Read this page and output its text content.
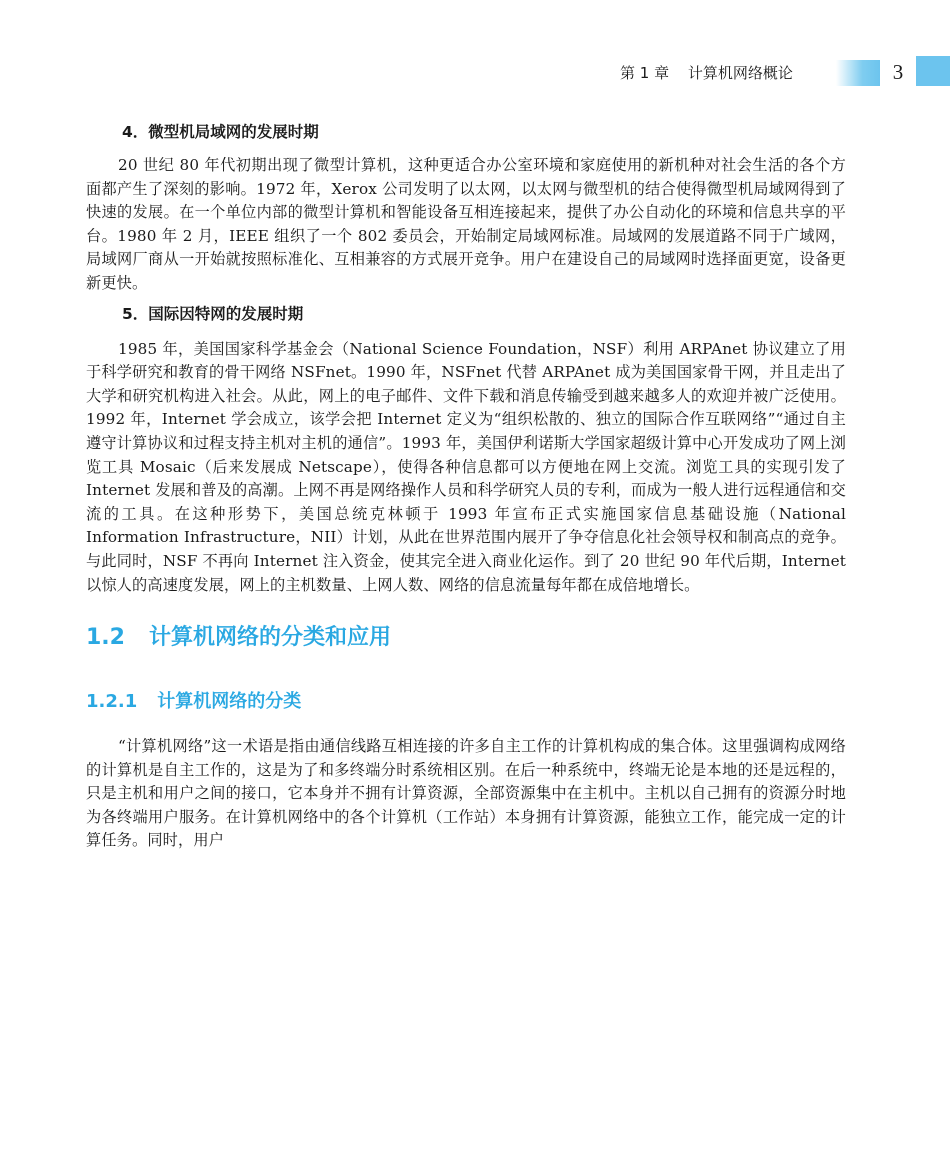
第 1 章 计算机网络概论	3
4．微型机局域网的发展时期

20 世纪 80 年代初期出现了微型计算机，这种更适合办公室环境和家庭使用的新机种对社会生活的各个方面都产生了深刻的影响。1972 年，Xerox 公司发明了以太网，以太网与微型机的结合使得微型机局域网得到了快速的发展。在一个单位内部的微型计算机和智能设备互相连接起来，提供了办公自动化的环境和信息共享的平台。1980 年 2 月，IEEE 组织了一个 802 委员会，开始制定局域网标准。局域网的发展道路不同于广域网，局域网厂商从一开始就按照标准化、互相兼容的方式展开竞争。用户在建设自己的局域网时选择面更宽，设备更新更快。

5．国际因特网的发展时期

1985 年，美国国家科学基金会（National Science Foundation，NSF）利用 ARPAnet 协议建立了用于科学研究和教育的骨干网络 NSFnet。1990 年，NSFnet 代替 ARPAnet 成为美国国家骨干网，并且走出了大学和研究机构进入社会。从此，网上的电子邮件、文件下载和消息传输受到越来越多人的欢迎并被广泛使用。1992 年，Internet 学会成立，该学会把 Internet 定义为“组织松散的、独立的国际合作互联网络”“通过自主遵守计算协议和过程支持主机对主机的通信”。1993 年，美国伊利诺斯大学国家超级计算中心开发成功了网上浏览工具 Mosaic（后来发展成 Netscape），使得各种信息都可以方便地在网上交流。浏览工具的实现引发了 Internet 发展和普及的高潮。上网不再是网络操作人员和科学研究人员的专利，而成为一般人进行远程通信和交流的工具。在这种形势下，美国总统克林顿于 1993 年宣布正式实施国家信息基础设施（National Information Infrastructure，NII）计划，从此在世界范围内展开了争夺信息化社会领导权和制高点的竞争。与此同时，NSF 不再向 Internet 注入资金，使其完全进入商业化运作。到了 20 世纪 90 年代后期，Internet 以惊人的高速度发展，网上的主机数量、上网人数、网络的信息流量每年都在成倍地增长。

1.2 计算机网络的分类和应用
1.2.1 计算机网络的分类

“计算机网络”这一术语是指由通信线路互相连接的许多自主工作的计算机构成的集合体。这里强调构成网络的计算机是自主工作的，这是为了和多终端分时系统相区别。在后一种系统中，终端无论是本地的还是远程的，只是主机和用户之间的接口，它本身并不拥有计算资源，全部资源集中在主机中。主机以自己拥有的资源分时地为各终端用户服务。在计算机网络中的各个计算机（工作站）本身拥有计算资源，能独立工作，能完成一定的计算任务。同时，用户
